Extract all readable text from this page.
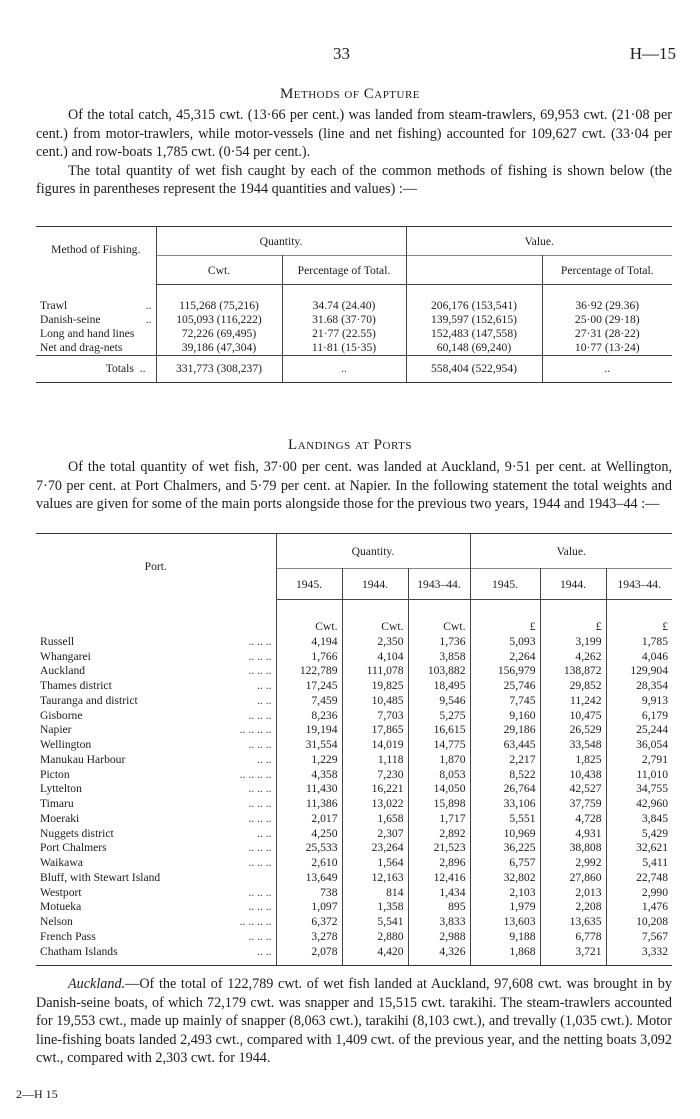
33	H—15
Methods of Capture

Of the total catch, 45,315 cwt. (13·66 per cent.) was landed from steam-trawlers, 69,953 cwt. (21·08 per cent.) from motor-trawlers, while motor-vessels (line and net fishing) accounted for 109,627 cwt. (33·04 per cent.) and row-boats 1,785 cwt. (0·54 per cent.).

The total quantity of wet fish caught by each of the common methods of fishing is shown below (the figures in parentheses represent the 1944 quantities and values) :—

Method of Fishing.	Quantity.		Value.	
	Cwt.	Percentage of Total.		Percentage of Total.

Trawl ..	115,268 (75,216)	34.74 (24.40)	206,176 (153,541)	36·92 (29.36)
Danish-seine ..	105,093 (116,222)	31.68 (37·70)	139,597 (152,615)	25·00 (29·18)
Long and hand lines	72,226 (69,495)	21·77 (22.55)	152,483 (147,558)	27·31 (28·22)
Net and drag-nets	39,186 (47,304)	11·81 (15·35)	60,148 (69,240)	10·77 (13·24)
Totals ..	331,773 (308,237)	..	558,404 (522,954)	..
Landings at Ports

Of the total quantity of wet fish, 37·00 per cent. was landed at Auckland, 9·51 per cent. at Wellington, 7·70 per cent. at Port Chalmers, and 5·79 per cent. at Napier. In the following statement the total weights and values are given for some of the main ports alongside those for the previous two years, 1944 and 1943–44 :—

Port.	Quantity.			Value.		
	1945.	1944.	1943–44.	1945.	1944.	1943–44.
	Cwt.	Cwt.	Cwt.	£	£	£
Russell .. .. ..	4,194	2,350	1,736	5,093	3,199	1,785
Whangarei .. .. ..	1,766	4,104	3,858	2,264	4,262	4,046
Auckland .. .. ..	122,789	111,078	103,882	156,979	138,872	129,904
Thames district .. ..	17,245	19,825	18,495	25,746	29,852	28,354
Tauranga and district .. ..	7,459	10,485	9,546	7,745	11,242	9,913
Gisborne .. .. ..	8,236	7,703	5,275	9,160	10,475	6,179
Napier .. .. .. ..	19,194	17,865	16,615	29,186	26,529	25,244
Wellington .. .. ..	31,554	14,019	14,775	63,445	33,548	36,054
Manukau Harbour .. ..	1,229	1,118	1,870	2,217	1,825	2,791
Picton .. .. .. ..	4,358	7,230	8,053	8,522	10,438	11,010
Lyttelton .. .. ..	11,430	16,221	14,050	26,764	42,527	34,755
Timaru .. .. ..	11,386	13,022	15,898	33,106	37,759	42,960
Moeraki .. .. ..	2,017	1,658	1,717	5,551	4,728	3,845
Nuggets district .. ..	4,250	2,307	2,892	10,969	4,931	5,429
Port Chalmers .. .. ..	25,533	23,264	21,523	36,225	38,808	32,621
Waikawa .. .. ..	2,610	1,564	2,896	6,757	2,992	5,411
Bluff, with Stewart Island	13,649	12,163	12,416	32,802	27,860	22,748
Westport .. .. ..	738	814	1,434	2,103	2,013	2,990
Motueka .. .. ..	1,097	1,358	895	1,979	2,208	1,476
Nelson .. .. .. ..	6,372	5,541	3,833	13,603	13,635	10,208
French Pass .. .. ..	3,278	2,880	2,988	9,188	6,778	7,567
Chatham Islands .. ..	2,078	4,420	4,326	1,868	3,721	3,332

Auckland.—Of the total of 122,789 cwt. of wet fish landed at Auckland, 97,608 cwt. was brought in by Danish-seine boats, of which 72,179 cwt. was snapper and 15,515 cwt. tarakihi. The steam-trawlers accounted for 19,553 cwt., made up mainly of snapper (8,063 cwt.), tarakihi (8,103 cwt.), and trevally (1,035 cwt.). Motor line-fishing boats landed 2,493 cwt., compared with 1,409 cwt. of the previous year, and the netting boats 3,092 cwt., compared with 2,303 cwt. for 1944.

2—H 15
